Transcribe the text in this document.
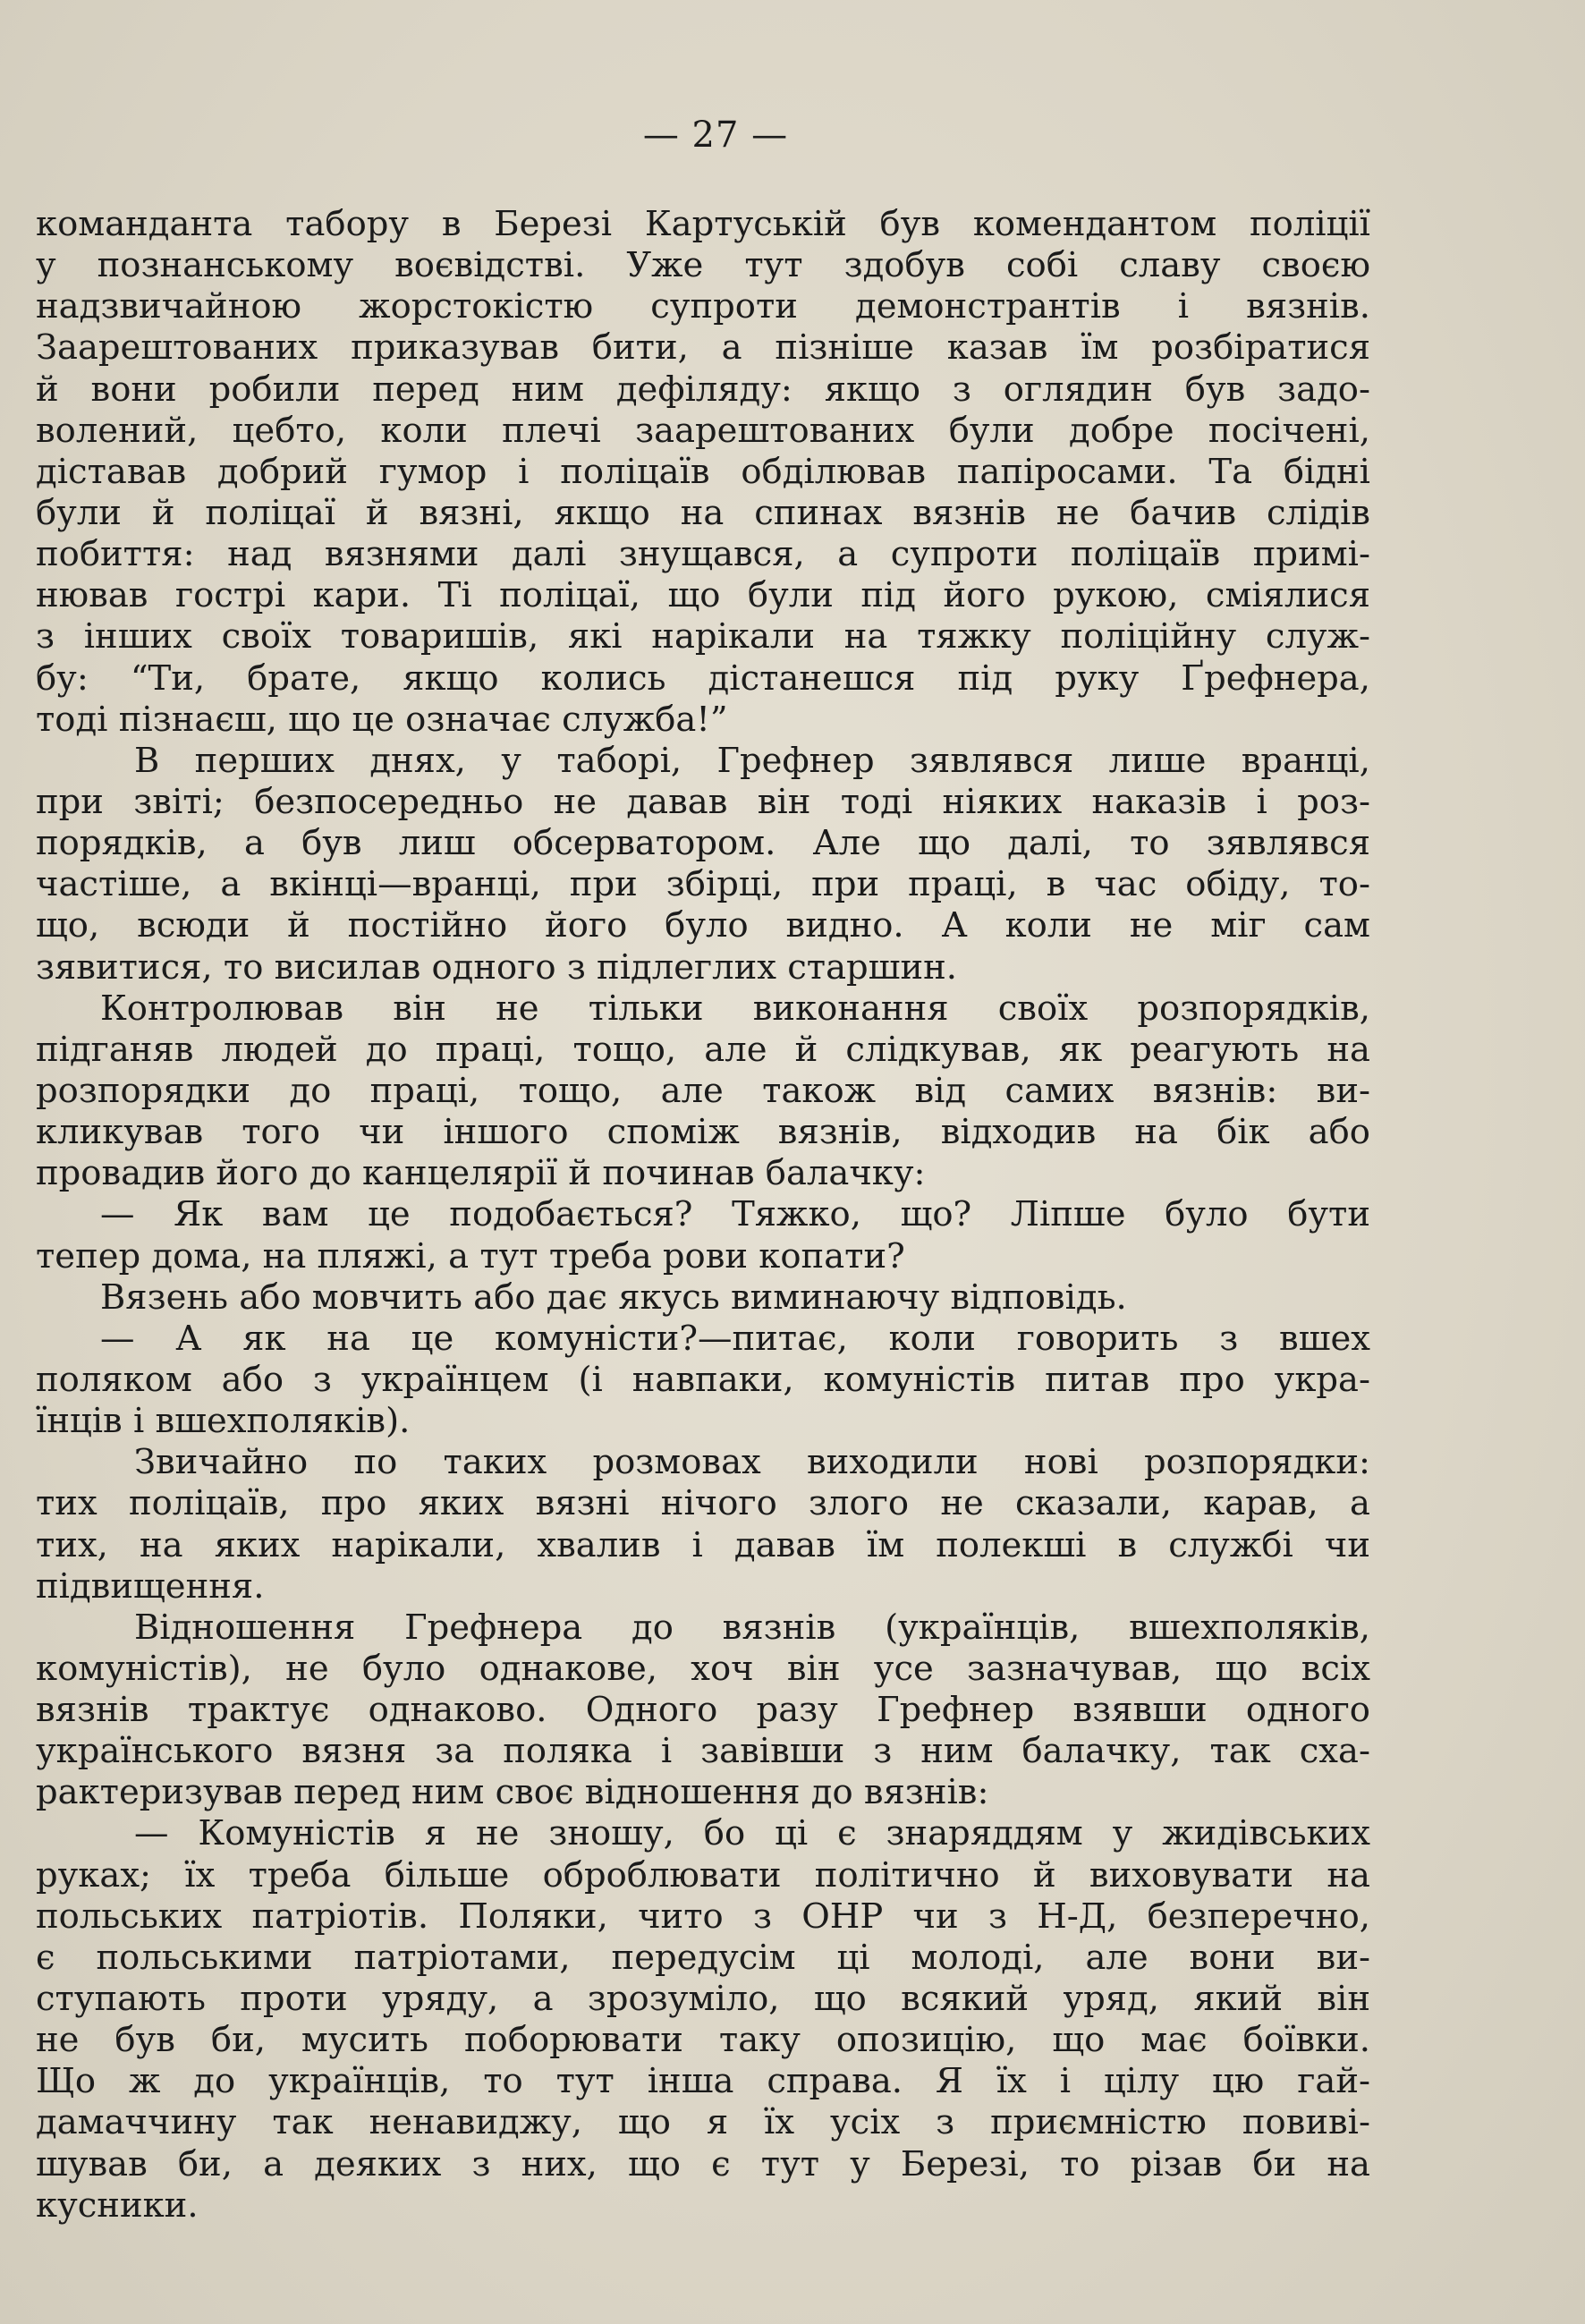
— 27 —
команданта табору в Березі Картуській був комендантом поліції
у познанському воєвідстві. Уже тут здобув собі славу своєю
надзвичайною жорстокістю супроти демонстрантів і вязнів.
Заарештованих приказував бити, а пізніше казав їм розбіратися
й вони робили перед ним дефіляду: якщо з оглядин був задо-
волений, цебто, коли плечі заарештованих були добре посічені,
діставав добрий гумор і поліцаїв обділював папіросами. Та бідні
були й поліцаї й вязні, якщо на спинах вязнів не бачив слідів
побиття: над вязнями далі знущався, а супроти поліцаїв примі-
нював гострі кари. Ті поліцаї, що були під його рукою, сміялися
з інших своїх товаришів, які нарікали на тяжку поліційну служ-
бу: “Ти, брате, якщо колись дістанешся під руку Ґрефнера,
тоді пізнаєш, що це означає служба!”
В перших днях, у таборі, Грефнер зявлявся лише вранці,
при звіті; безпосередньо не давав він тоді ніяких наказів і роз-
порядків, а був лиш обсерватором. Але що далі, то зявлявся
частіше, а вкінці—вранці, при збірці, при праці, в час обіду, то-
що, всюди й постійно його було видно. А коли не міг сам
зявитися, то висилав одного з підлеглих старшин.
Контролював він не тільки виконання своїх розпорядків,
підганяв людей до праці, тощо, але й слідкував, як реагують на
розпорядки до праці, тощо, але також від самих вязнів: ви-
кликував того чи іншого споміж вязнів, відходив на бік або
провадив його до канцелярії й починав балачку:
— Як вам це подобається? Тяжко, що? Ліпше було бути
тепер дома, на пляжі, а тут треба рови копати?
Вязень або мовчить або дає якусь виминаючу відповідь.
— А як на це комуністи?—питає, коли говорить з вшех
поляком або з українцем (і навпаки, комуністів питав про укра-
їнців і вшехполяків).
Звичайно по таких розмовах виходили нові розпорядки:
тих поліцаїв, про яких вязні нічого злого не сказали, карав, а
тих, на яких нарікали, хвалив і давав їм полекші в службі чи
підвищення.
Відношення Грефнера до вязнів (українців, вшехполяків,
комуністів), не було однакове, хоч він усе зазначував, що всіх
вязнів трактує однаково. Одного разу Грефнер взявши одного
українського вязня за поляка і завівши з ним балачку, так сха-
рактеризував перед ним своє відношення до вязнів:
— Комуністів я не зношу, бо ці є знаряддям у жидівських
руках; їх треба більше оброблювати політично й виховувати на
польських патріотів. Поляки, чито з ОНР чи з Н-Д, безперечно,
є польськими патріотами, передусім ці молоді, але вони ви-
ступають проти уряду, а зрозуміло, що всякий уряд, який він
не був би, мусить поборювати таку опозицію, що має боївки.
Що ж до українців, то тут інша справа. Я їх і цілу цю гай-
дамаччину так ненавиджу, що я їх усіх з приємністю повиві-
шував би, а деяких з них, що є тут у Березі, то різав би на
кусники.
